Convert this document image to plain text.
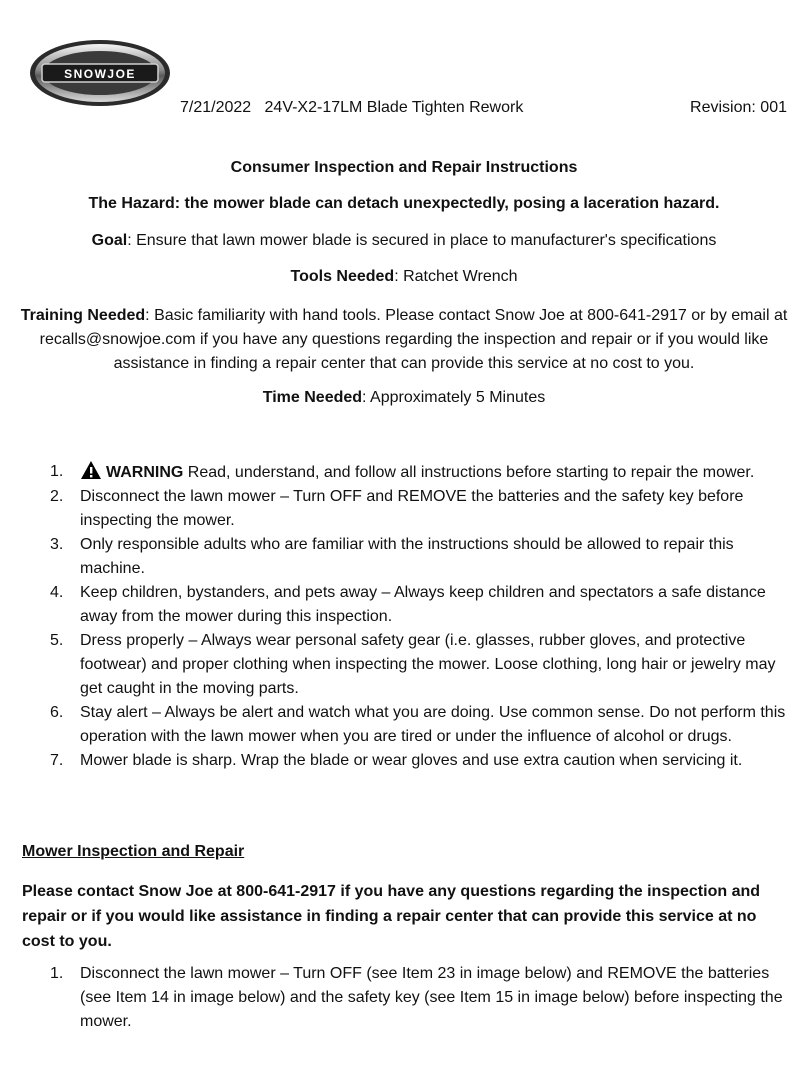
SNOWJOE
7/21/2022   24V-X2-17LM Blade Tighten Rework	Revision: 001
Consumer Inspection and Repair Instructions
The Hazard: the mower blade can detach unexpectedly, posing a laceration hazard.
Goal: Ensure that lawn mower blade is secured in place to manufacturer's specifications
Tools Needed: Ratchet Wrench
Training Needed: Basic familiarity with hand tools. Please contact Snow Joe at 800-641-2917 or by email at recalls@snowjoe.com if you have any questions regarding the inspection and repair or if you would like assistance in finding a repair center that can provide this service at no cost to you.
Time Needed: Approximately 5 Minutes
1.	WARNING Read, understand, and follow all instructions before starting to repair the mower.
2. Disconnect the lawn mower – Turn OFF and REMOVE the batteries and the safety key before inspecting the mower.
3. Only responsible adults who are familiar with the instructions should be allowed to repair this machine.
4. Keep children, bystanders, and pets away – Always keep children and spectators a safe distance away from the mower during this inspection.
5. Dress properly – Always wear personal safety gear (i.e. glasses, rubber gloves, and protective footwear) and proper clothing when inspecting the mower. Loose clothing, long hair or jewelry may get caught in the moving parts.
6. Stay alert – Always be alert and watch what you are doing. Use common sense. Do not perform this operation with the lawn mower when you are tired or under the influence of alcohol or drugs.
7. Mower blade is sharp. Wrap the blade or wear gloves and use extra caution when servicing it.
Mower Inspection and Repair
Please contact Snow Joe at 800-641-2917 if you have any questions regarding the inspection and repair or if you would like assistance in finding a repair center that can provide this service at no cost to you.
1. Disconnect the lawn mower – Turn OFF (see Item 23 in image below) and REMOVE the batteries (see Item 14 in image below) and the safety key (see Item 15 in image below) before inspecting the mower.
